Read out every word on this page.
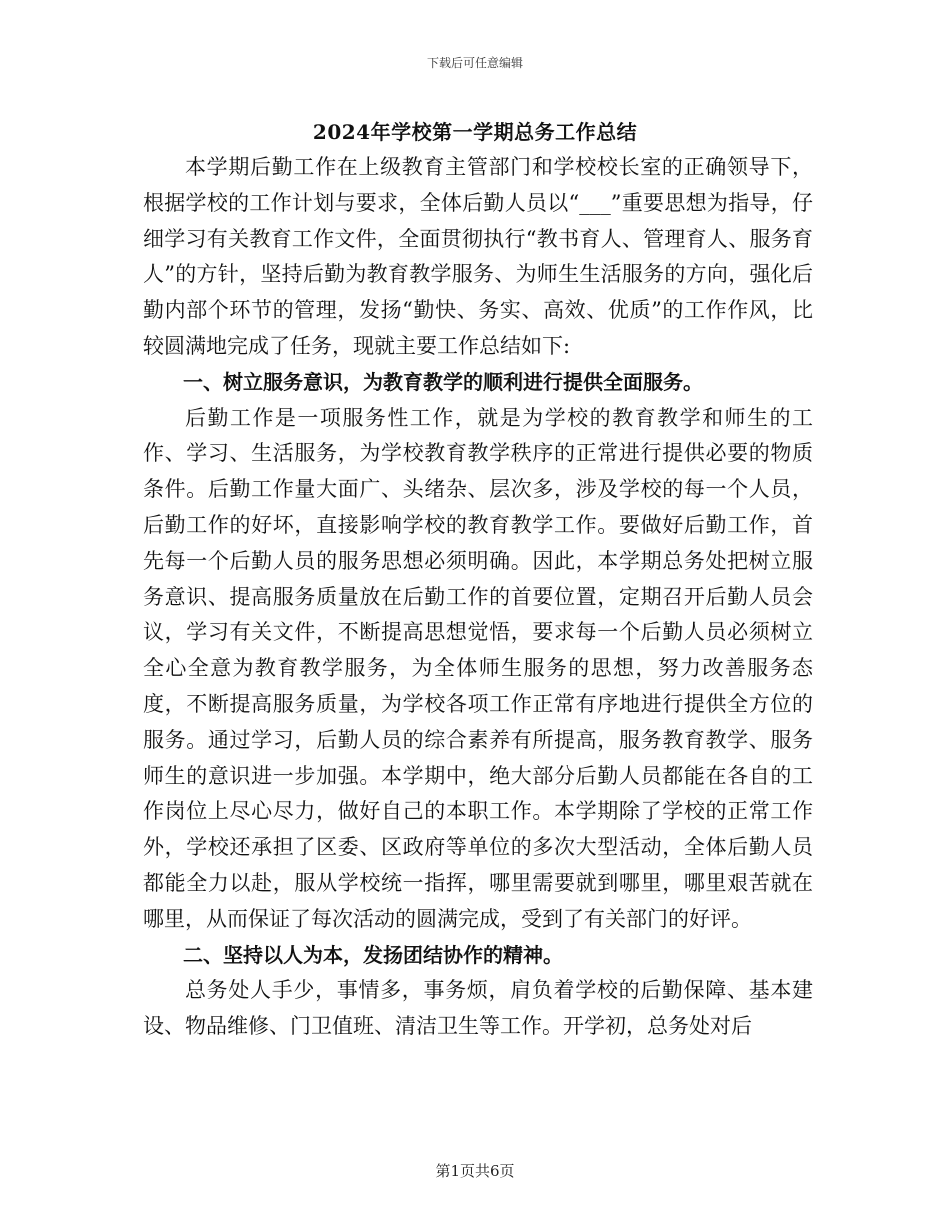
下载后可任意编辑
2024年学校第一学期总务工作总结

本学期后勤工作在上级教育主管部门和学校校长室的正确领导下，根据学校的工作计划与要求，全体后勤人员以“___”重要思想为指导，仔细学习有关教育工作文件，全面贯彻执行“教书育人、管理育人、服务育人”的方针，坚持后勤为教育教学服务、为师生生活服务的方向，强化后勤内部个环节的管理，发扬“勤快、务实、高效、优质”的工作作风，比较圆满地完成了任务，现就主要工作总结如下:

一、树立服务意识，为教育教学的顺利进行提供全面服务。

后勤工作是一项服务性工作，就是为学校的教育教学和师生的工作、学习、生活服务，为学校教育教学秩序的正常进行提供必要的物质条件。后勤工作量大面广、头绪杂、层次多，涉及学校的每一个人员，后勤工作的好坏，直接影响学校的教育教学工作。要做好后勤工作，首先每一个后勤人员的服务思想必须明确。因此，本学期总务处把树立服务意识、提高服务质量放在后勤工作的首要位置，定期召开后勤人员会议，学习有关文件，不断提高思想觉悟，要求每一个后勤人员必须树立全心全意为教育教学服务，为全体师生服务的思想，努力改善服务态度，不断提高服务质量，为学校各项工作正常有序地进行提供全方位的服务。通过学习，后勤人员的综合素养有所提高，服务教育教学、服务师生的意识进一步加强。本学期中，绝大部分后勤人员都能在各自的工作岗位上尽心尽力，做好自己的本职工作。本学期除了学校的正常工作外，学校还承担了区委、区政府等单位的多次大型活动，全体后勤人员都能全力以赴，服从学校统一指挥，哪里需要就到哪里，哪里艰苦就在哪里，从而保证了每次活动的圆满完成，受到了有关部门的好评。

二、坚持以人为本，发扬团结协作的精神。

总务处人手少，事情多，事务烦，肩负着学校的后勤保障、基本建设、物品维修、门卫值班、清洁卫生等工作。开学初，总务处对后

第1页共6页
